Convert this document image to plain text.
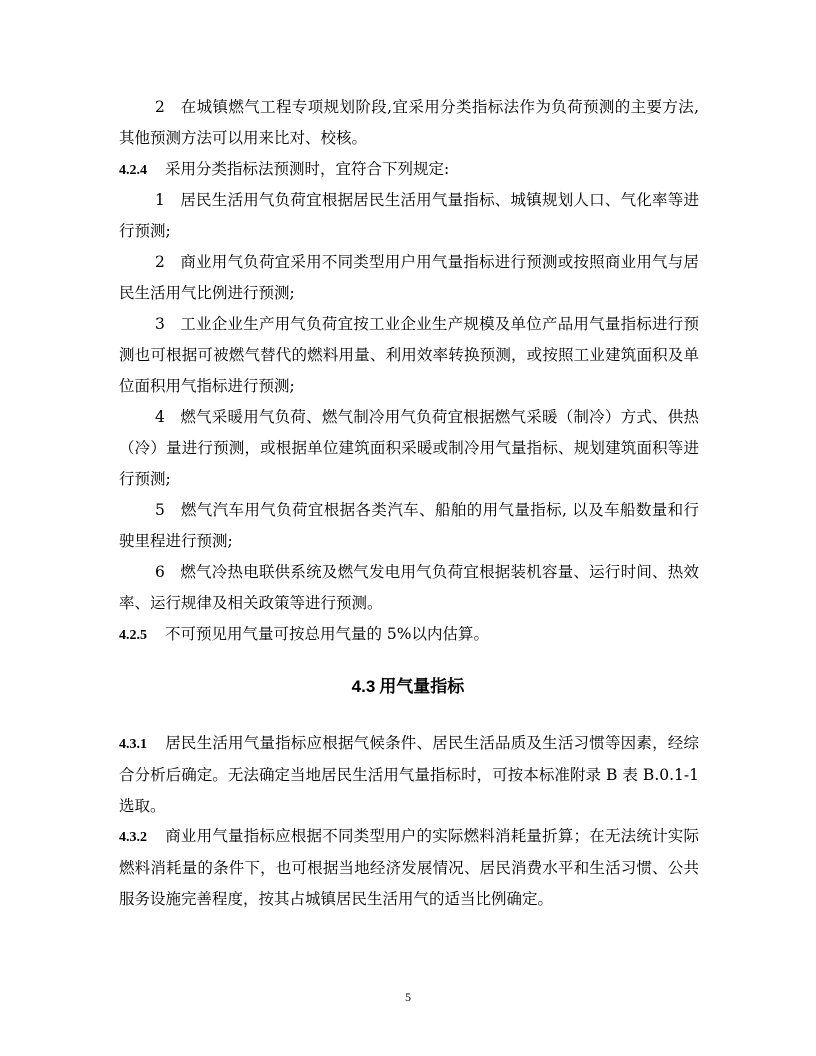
2 在城镇燃气工程专项规划阶段,宜采用分类指标法作为负荷预测的主要方法,其他预测方法可以用来比对、校核。

4.2.4 采用分类指标法预测时，宜符合下列规定:

1 居民生活用气负荷宜根据居民生活用气量指标、城镇规划人口、气化率等进行预测;

2 商业用气负荷宜采用不同类型用户用气量指标进行预测或按照商业用气与居民生活用气比例进行预测;

3 工业企业生产用气负荷宜按工业企业生产规模及单位产品用气量指标进行预测也可根据可被燃气替代的燃料用量、利用效率转换预测，或按照工业建筑面积及单位面积用气指标进行预测;

4 燃气采暖用气负荷、燃气制冷用气负荷宜根据燃气采暖（制冷）方式、供热（冷）量进行预测，或根据单位建筑面积采暖或制冷用气量指标、规划建筑面积等进行预测;

5 燃气汽车用气负荷宜根据各类汽车、船舶的用气量指标, 以及车船数量和行驶里程进行预测;

6 燃气冷热电联供系统及燃气发电用气负荷宜根据装机容量、运行时间、热效率、运行规律及相关政策等进行预测。

4.2.5 不可预见用气量可按总用气量的 5%以内估算。

4.3 用气量指标

4.3.1 居民生活用气量指标应根据气候条件、居民生活品质及生活习惯等因素，经综合分析后确定。无法确定当地居民生活用气量指标时，可按本标准附录 B 表 B.0.1-1 选取。

4.3.2 商业用气量指标应根据不同类型用户的实际燃料消耗量折算；在无法统计实际燃料消耗量的条件下，也可根据当地经济发展情况、居民消费水平和生活习惯、公共服务设施完善程度，按其占城镇居民生活用气的适当比例确定。

5
